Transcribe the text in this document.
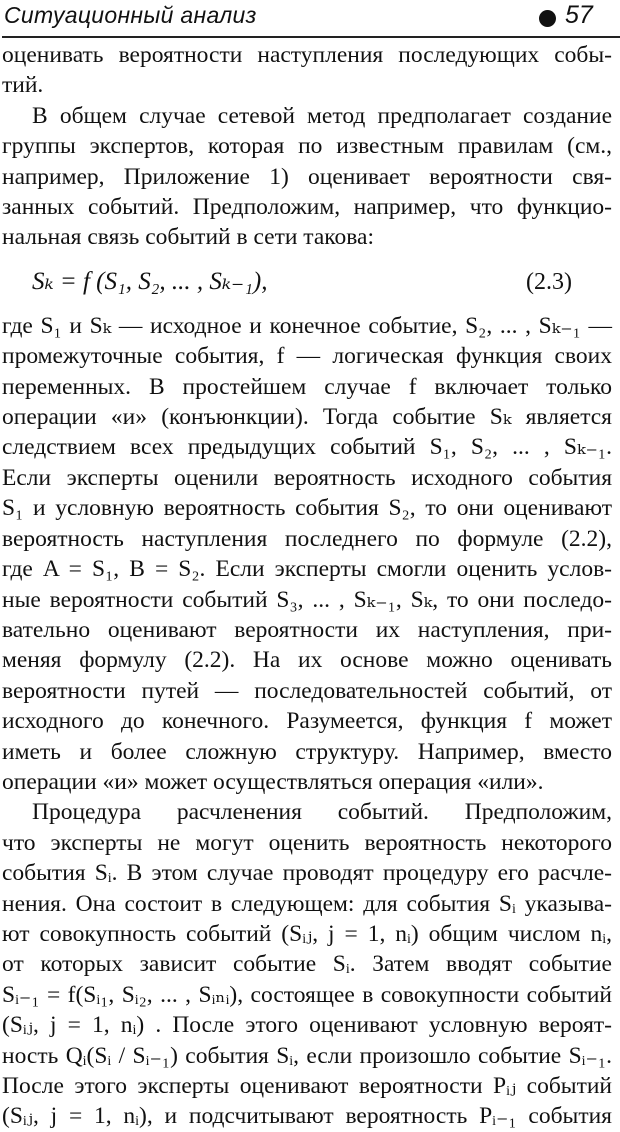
Ситуационный анализ	57

оценивать вероятности наступления последующих собы-
тий.

В общем случае сетевой метод предполагает создание
группы экспертов, которая по известным правилам (см.,
например, Приложение 1) оценивает вероятности свя-
занных событий. Предположим, например, что функцио-
нальная связь событий в сети такова:

Sₖ = f (S₁, S₂, ... , Sₖ₋₁),	(2.3)

где S₁ и Sₖ — исходное и конечное событие, S₂, ... , Sₖ₋₁ —
промежуточные события, f — логическая функция своих
переменных. В простейшем случае f включает только
операции «и» (конъюнкции). Тогда событие Sₖ является
следствием всех предыдущих событий S₁, S₂, ... , Sₖ₋₁.
Если эксперты оценили вероятность исходного события
S₁ и условную вероятность события S₂, то они оценивают
вероятность наступления последнего по формуле (2.2),
где A = S₁, B = S₂. Если эксперты смогли оценить услов-
ные вероятности событий S₃, ... , Sₖ₋₁, Sₖ, то они последо-
вательно оценивают вероятности их наступления, при-
меняя формулу (2.2). На их основе можно оценивать
вероятности путей — последовательностей событий, от
исходного до конечного. Разумеется, функция f может
иметь и более сложную структуру. Например, вместо
операции «и» может осуществляться операция «или».

Процедура расчленения событий. Предположим,
что эксперты не могут оценить вероятность некоторого
события Sᵢ. В этом случае проводят процедуру его расчле-
нения. Она состоит в следующем: для события Sᵢ указыва-
ют совокупность событий (Sᵢⱼ, j = 1, nᵢ) общим числом nᵢ,
от которых зависит событие Sᵢ. Затем вводят событие
Sᵢ₋₁ = f(Sᵢ₁, Sᵢ₂, ... , Sᵢₙᵢ), состоящее в совокупности событий
(Sᵢⱼ, j = 1, nᵢ) . После этого оценивают условную вероят-
ность Qᵢ(Sᵢ / Sᵢ₋₁) события Sᵢ, если произошло событие Sᵢ₋₁.
После этого эксперты оценивают вероятности Pᵢⱼ событий
(Sᵢⱼ, j = 1, nᵢ), и подсчитывают вероятность Pᵢ₋₁ события
